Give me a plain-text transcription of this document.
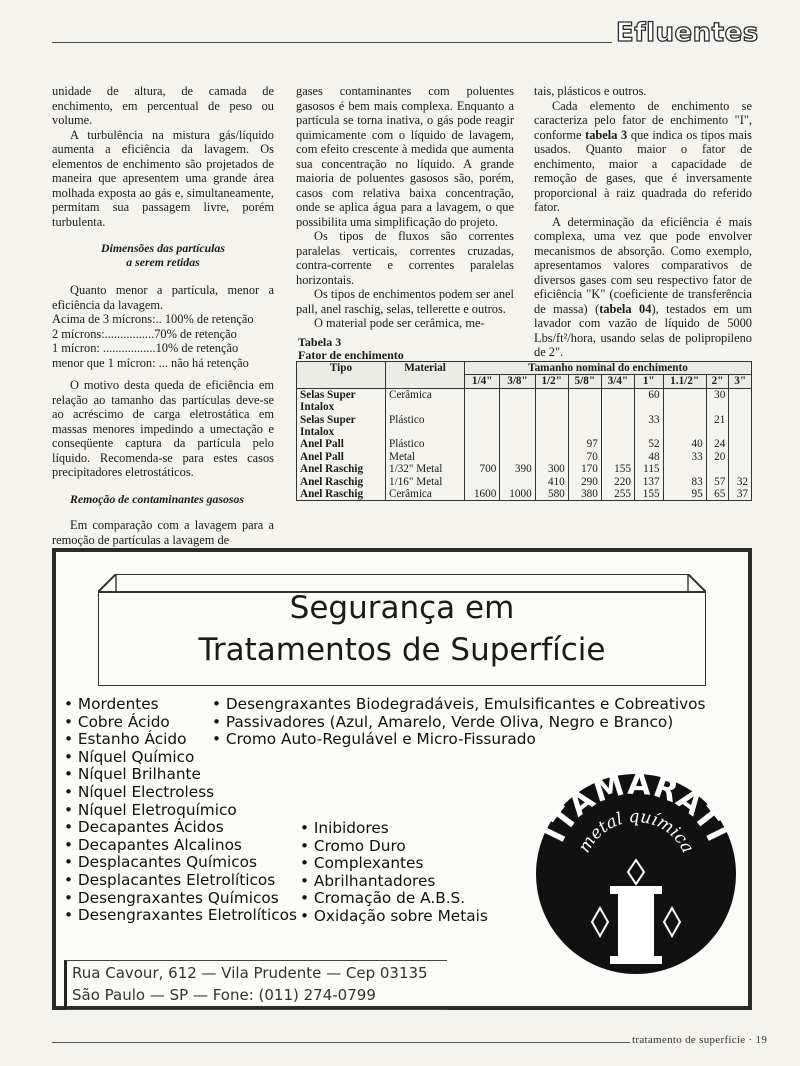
Efluentes

unidade de altura, de camada de enchimento, em percentual de peso ou volume.

A turbulência na mistura gás/líquido aumenta a eficiência da lavagem. Os elementos de enchimento são projetados de maneira que apresentem uma grande área molhada exposta ao gás e, simultaneamente, permitam sua passagem livre, porém turbulenta.

Dimensões das partículas
a serem retidas

Quanto menor a partícula, menor a eficiência da lavagem.

Acima de 3 mícrons:.. 100% de retenção
2 mícrons:................70% de retenção
1 mícron: .................10% de retenção
menor que 1 mícron: ... não há retenção

O motivo desta queda de eficiência em relação ao tamanho das partículas deve-se ao acréscimo de carga eletrostática em massas menores impedindo a umectação e conseqüente captura da partícula pelo líquido. Recomenda-se para estes casos precipitadores eletrostáticos.

Remoção de contaminantes gasosos

Em comparação com a lavagem para a remoção de partículas a lavagem de

gases contaminantes com poluentes gasosos é bem mais complexa. Enquanto a partícula se torna inativa, o gás pode reagir quimicamente com o líquido de lavagem, com efeito crescente à medida que aumenta sua concentração no líquido. A grande maioria de poluentes gasosos são, porém, casos com relativa baixa concentração, onde se aplica água para a lavagem, o que possibilita uma simplificação do projeto.

Os tipos de fluxos são correntes paralelas verticais, correntes cruzadas, contra-corrente e correntes paralelas horizontais.

Os tipos de enchimentos podem ser anel pall, anel raschig, selas, tellerette e outros.

O material pode ser cerâmica, me-

tais, plásticos e outros.

Cada elemento de enchimento se caracteriza pelo fator de enchimento "I", conforme tabela 3 que indica os tipos mais usados. Quanto maior o fator de enchimento, maior a capacidade de remoção de gases, que é inversamente proporcional à raiz quadrada do referido fator.

A determinação da eficiência é mais complexa, uma vez que pode envolver mecanismos de absorção. Como exemplo, apresentamos valores comparativos de diversos gases com seu respectivo fator de eficiência "K" (coeficiente de transferência de massa) (tabela 04), testados em um lavador com vazão de líquido de 5000 Lbs/ft²/hora, usando selas de polipropileno de 2".

Tabela 3
Fator de enchimento
Tipo	Material	Tamanho nominal do enchimento								
		1/4"	3/8"	1/2"	5/8"	3/4"	1"	1.1/2"	2"	3"
Selas Super Intalox	Cerâmica						60		30	
Selas Super Intalox	Plástico						33		21	
Anel Pall	Plástico				97		52	40	24	
Anel Pall	Metal				70		48	33	20	
Anel Raschig	1/32" Metal	700	390	300	170	155	115			
Anel Raschig	1/16" Metal			410	290	220	137	83	57	32
Anel Raschig	Cerâmica	1600	1000	580	380	255	155	95	65	37
Segurança em
Tratamentos de Superfície
• Mordentes
• Cobre Ácido
• Estanho Ácido
• Níquel Químico
• Níquel Brilhante
• Níquel Electroless
• Níquel Eletroquímico
• Decapantes Ácidos
• Decapantes Alcalinos
• Desplacantes Químicos
• Desplacantes Eletrolíticos
• Desengraxantes Químicos
• Desengraxantes Eletrolíticos
• Desengraxantes Biodegradáveis, Emulsificantes e Cobreativos
• Passivadores (Azul, Amarelo, Verde Oliva, Negro e Branco)
• Cromo Auto-Regulável e Micro-Fissurado
• Inibidores
• Cromo Duro
• Complexantes
• Abrilhantadores
• Cromação de A.B.S.
• Oxidação sobre Metais
ITAMARATI
metal química
Rua Cavour, 612 — Vila Prudente — Cep 03135
São Paulo — SP — Fone: (011) 274-0799
tratamento de superfície · 19
